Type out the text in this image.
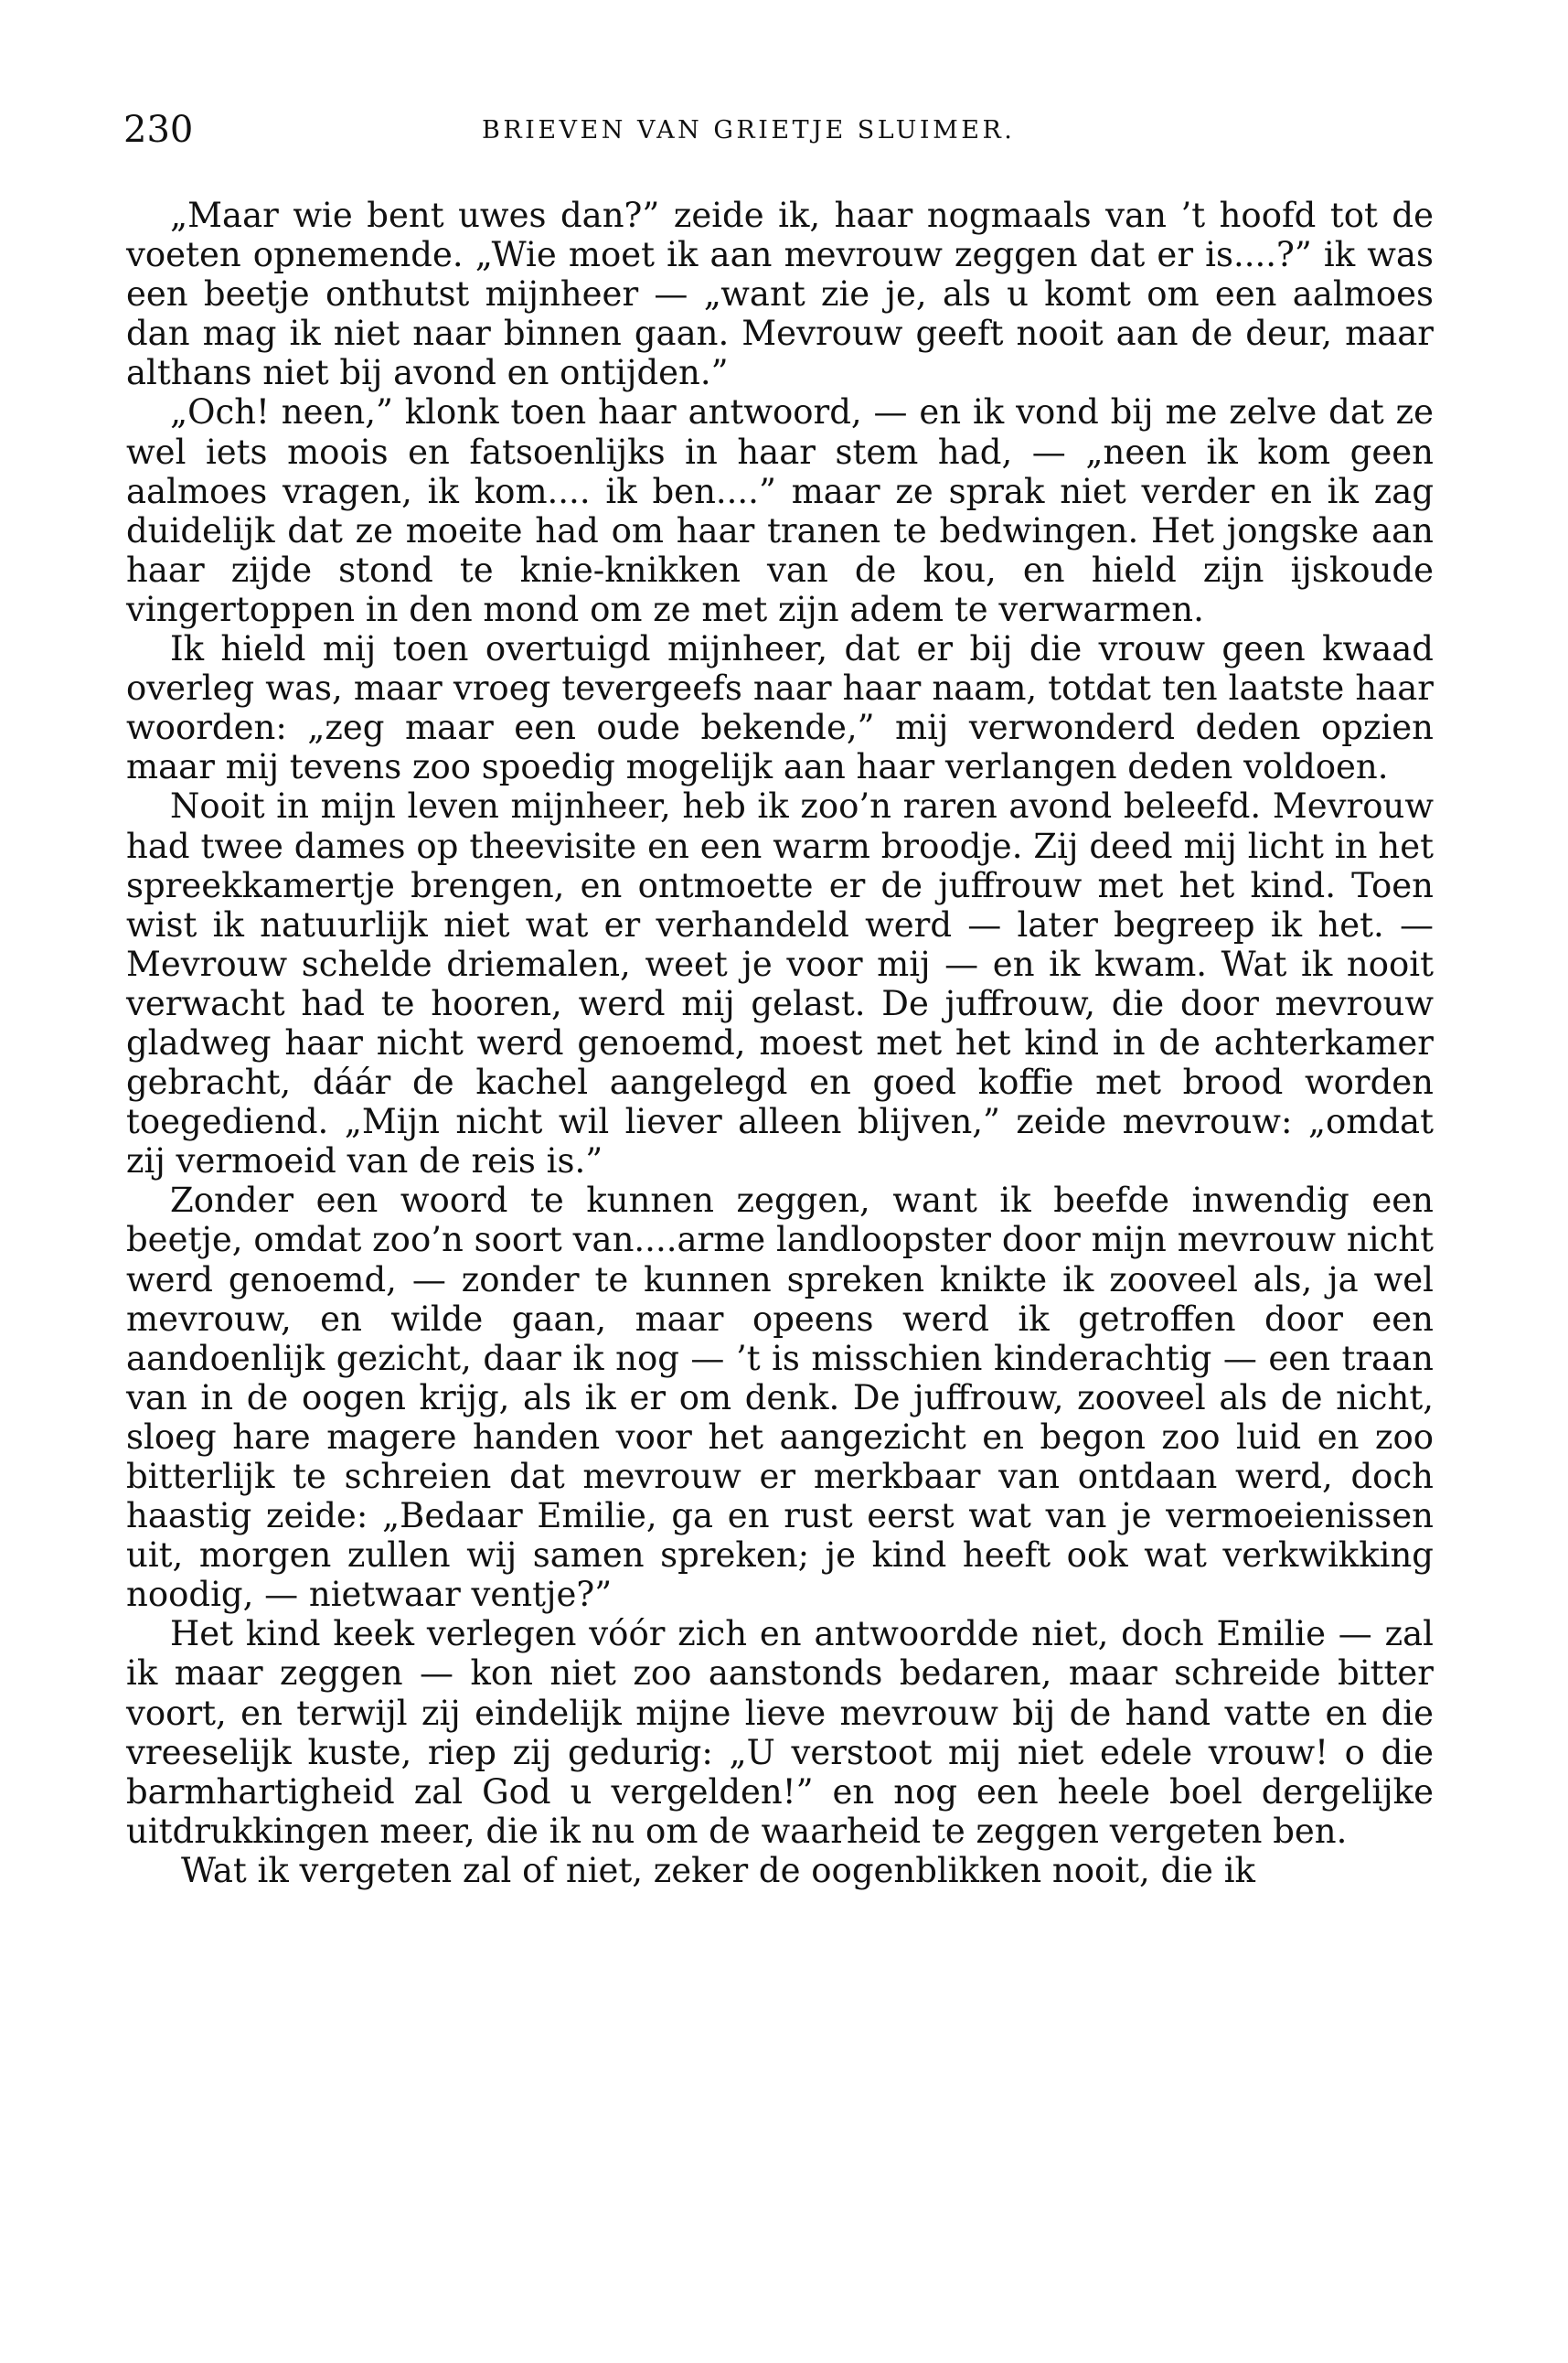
230	BRIEVEN VAN GRIETJE SLUIMER.

„Maar wie bent uwes dan?” zeide ik, haar nogmaals van ’t hoofd tot de voeten opnemende. „Wie moet ik aan mevrouw zeggen dat er is....?” ik was een beetje onthutst mijnheer — „want zie je, als u komt om een aalmoes dan mag ik niet naar binnen gaan. Mevrouw geeft nooit aan de deur, maar althans niet bij avond en ontijden.”

„Och! neen,” klonk toen haar antwoord, — en ik vond bij me zelve dat ze wel iets moois en fatsoenlijks in haar stem had, — „neen ik kom geen aalmoes vragen, ik kom.... ik ben....” maar ze sprak niet verder en ik zag duidelijk dat ze moeite had om haar tranen te bedwingen. Het jongske aan haar zijde stond te knie-knikken van de kou, en hield zijn ijskoude vingertoppen in den mond om ze met zijn adem te verwarmen.

Ik hield mij toen overtuigd mijnheer, dat er bij die vrouw geen kwaad overleg was, maar vroeg tevergeefs naar haar naam, totdat ten laatste haar woorden: „zeg maar een oude bekende,” mij verwonderd deden opzien maar mij tevens zoo spoedig mogelijk aan haar verlangen deden voldoen.

Nooit in mijn leven mijnheer, heb ik zoo’n raren avond beleefd. Mevrouw had twee dames op theevisite en een warm broodje. Zij deed mij licht in het spreekkamertje brengen, en ontmoette er de juffrouw met het kind. Toen wist ik natuurlijk niet wat er verhandeld werd — later begreep ik het. — Mevrouw schelde driemalen, weet je voor mij — en ik kwam. Wat ik nooit verwacht had te hooren, werd mij gelast. De juffrouw, die door mevrouw gladweg haar nicht werd genoemd, moest met het kind in de achterkamer gebracht, dáár de kachel aangelegd en goed koffie met brood worden toegediend. „Mijn nicht wil liever alleen blijven,” zeide mevrouw: „omdat zij vermoeid van de reis is.”

Zonder een woord te kunnen zeggen, want ik beefde inwendig een beetje, omdat zoo’n soort van....arme landloopster door mijn mevrouw nicht werd genoemd, — zonder te kunnen spreken knikte ik zooveel als, ja wel mevrouw, en wilde gaan, maar opeens werd ik getroffen door een aandoenlijk gezicht, daar ik nog — ’t is misschien kinderachtig — een traan van in de oogen krijg, als ik er om denk. De juffrouw, zooveel als de nicht, sloeg hare magere handen voor het aangezicht en begon zoo luid en zoo bitterlijk te schreien dat mevrouw er merkbaar van ontdaan werd, doch haastig zeide: „Bedaar Emilie, ga en rust eerst wat van je vermoeienissen uit, morgen zullen wij samen spreken; je kind heeft ook wat verkwikking noodig, — nietwaar ventje?”

Het kind keek verlegen vóór zich en antwoordde niet, doch Emilie — zal ik maar zeggen — kon niet zoo aanstonds bedaren, maar schreide bitter voort, en terwijl zij eindelijk mijne lieve mevrouw bij de hand vatte en die vreeselijk kuste, riep zij gedurig: „U verstoot mij niet edele vrouw! o die barmhartigheid zal God u vergelden!” en nog een heele boel dergelijke uitdrukkingen meer, die ik nu om de waarheid te zeggen vergeten ben.

Wat ik vergeten zal of niet, zeker de oogenblikken nooit, die ik
